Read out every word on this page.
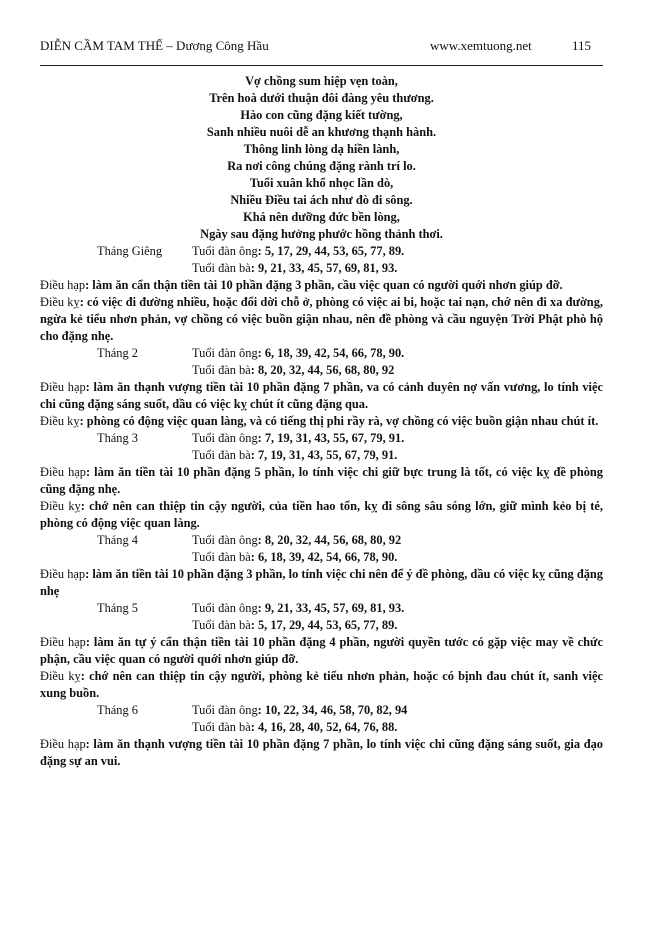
DIỄN CẦM TAM THẾ – Dương Công Hầu	www.xemtuong.net	115
Vợ chồng sum hiệp vẹn toàn,
Trên hoà dưới thuận đôi đàng yêu thương.
Hào con cũng đặng kiết tường,
Sanh nhiều nuôi dễ an khương thạnh hành.
Thông linh lòng dạ hiền lành,
Ra nơi công chúng đặng rành trí lo.
Tuổi xuân khổ nhọc lần dò,
Nhiều Điều tai ách như đò đi sông.
Khá nên dưỡng đức bền lòng,
Ngày sau đặng hưởng phước hồng thảnh thơi.
Tháng Giêng Tuổi đàn ông: 5, 17, 29, 44, 53, 65, 77, 89.
Tuổi đàn bà: 9, 21, 33, 45, 57, 69, 81, 93.

Điều hạp: làm ăn cẩn thận tiền tài 10 phần đặng 3 phần, cầu việc quan có người quới nhơn giúp đỡ.

Điều kỵ: có việc đi đường nhiều, hoặc đổi dời chỗ ở, phòng có việc ai bi, hoặc tai nạn, chớ nên đi xa đường, ngừa kẻ tiểu nhơn phản, vợ chồng có việc buồn giận nhau, nên đề phòng và cầu nguyện Trời Phật phò hộ cho đặng nhẹ.

Tháng 2	Tuổi đàn ông: 6, 18, 39, 42, 54, 66, 78, 90.
Tuổi đàn bà: 8, 20, 32, 44, 56, 68, 80, 92

Điều hạp: làm ăn thạnh vượng tiền tài 10 phần đặng 7 phần, va có cảnh duyên nợ vấn vương, lo tính việc chi cũng đặng sáng suốt, dầu có việc kỵ chút ít cũng đặng qua.

Điều kỵ: phòng có động việc quan làng, và có tiếng thị phi rầy rà, vợ chồng có việc buồn giận nhau chút ít.

Tháng 3	Tuổi đàn ông: 7, 19, 31, 43, 55, 67, 79, 91.
Tuổi đàn bà: 7, 19, 31, 43, 55, 67, 79, 91.

Điều hạp: làm ăn tiền tài 10 phần đặng 5 phần, lo tính việc chi giữ bực trung là tốt, có việc kỵ đề phòng cũng đặng nhẹ.

Điều kỵ: chớ nên can thiệp tin cậy người, của tiền hao tốn, kỵ đi sông sâu sóng lớn, giữ mình kẻo bị té, phòng có động việc quan làng.

Tháng 4	Tuổi đàn ông: 8, 20, 32, 44, 56, 68, 80, 92
Tuổi đàn bà: 6, 18, 39, 42, 54, 66, 78, 90.

Điều hạp: làm ăn tiền tài 10 phần đặng 3 phần, lo tính việc chi nên để ý đề phòng, dầu có việc kỵ cũng đặng nhẹ

Tháng 5	Tuổi đàn ông: 9, 21, 33, 45, 57, 69, 81, 93.
Tuổi đàn bà: 5, 17, 29, 44, 53, 65, 77, 89.

Điều hạp: làm ăn tự ý cẩn thận tiền tài 10 phần đặng 4 phần, người quyền tước có gặp việc may về chức phận, cầu việc quan có người quới nhơn giúp đỡ.

Điều kỵ: chớ nên can thiệp tin cậy người, phòng kẻ tiểu nhơn phản, hoặc có bịnh đau chút ít, sanh việc xung buồn.

Tháng 6	Tuổi đàn ông: 10, 22, 34, 46, 58, 70, 82, 94
Tuổi đàn bà: 4, 16, 28, 40, 52, 64, 76, 88.

Điều hạp: làm ăn thạnh vượng tiền tài 10 phần đặng 7 phần, lo tính việc chi cũng đặng sáng suốt, gia đạo đặng sự an vui.
